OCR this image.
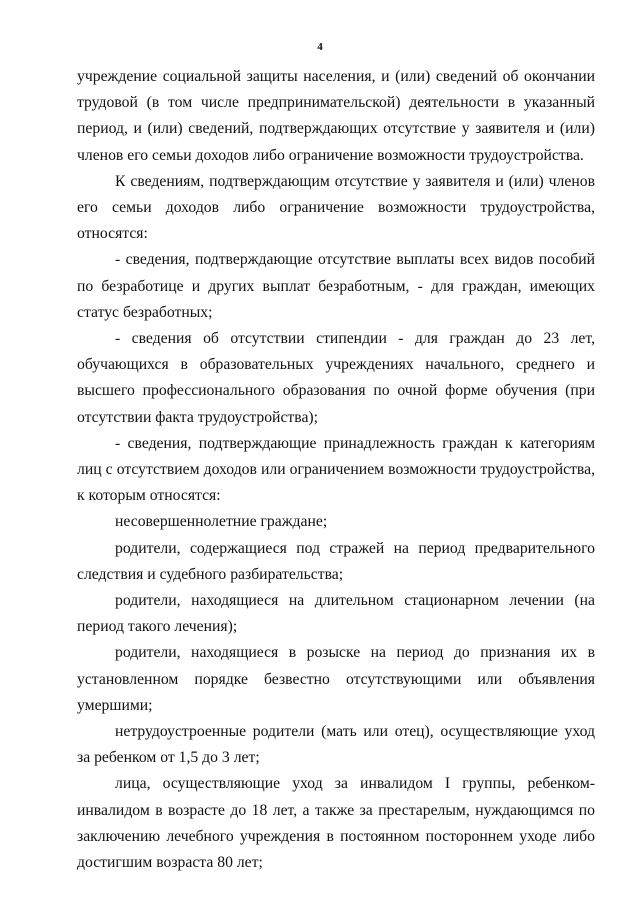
4

учреждение социальной защиты населения, и (или) сведений об окончании трудовой (в том числе предпринимательской) деятельности в указанный период, и (или) сведений, подтверждающих отсутствие у заявителя и (или) членов его семьи доходов либо ограничение возможности трудоустройства.

К сведениям, подтверждающим отсутствие у заявителя и (или) членов его семьи доходов либо ограничение возможности трудоустройства, относятся:

- сведения, подтверждающие отсутствие выплаты всех видов пособий по безработице и других выплат безработным, - для граждан, имеющих статус безработных;

- сведения об отсутствии стипендии - для граждан до 23 лет, обучающихся в образовательных учреждениях начального, среднего и высшего профессионального образования по очной форме обучения (при отсутствии факта трудоустройства);

- сведения, подтверждающие принадлежность граждан к категориям лиц с отсутствием доходов или ограничением возможности трудоустройства, к которым относятся:

несовершеннолетние граждане;

родители, содержащиеся под стражей на период предварительного следствия и судебного разбирательства;

родители, находящиеся на длительном стационарном лечении (на период такого лечения);

родители, находящиеся в розыске на период до признания их в установленном порядке безвестно отсутствующими или объявления умершими;

нетрудоустроенные родители (мать или отец), осуществляющие уход за ребенком от 1,5 до 3 лет;

лица, осуществляющие уход за инвалидом I группы, ребенком-инвалидом в возрасте до 18 лет, а также за престарелым, нуждающимся по заключению лечебного учреждения в постоянном постороннем уходе либо достигшим возраста 80 лет;
